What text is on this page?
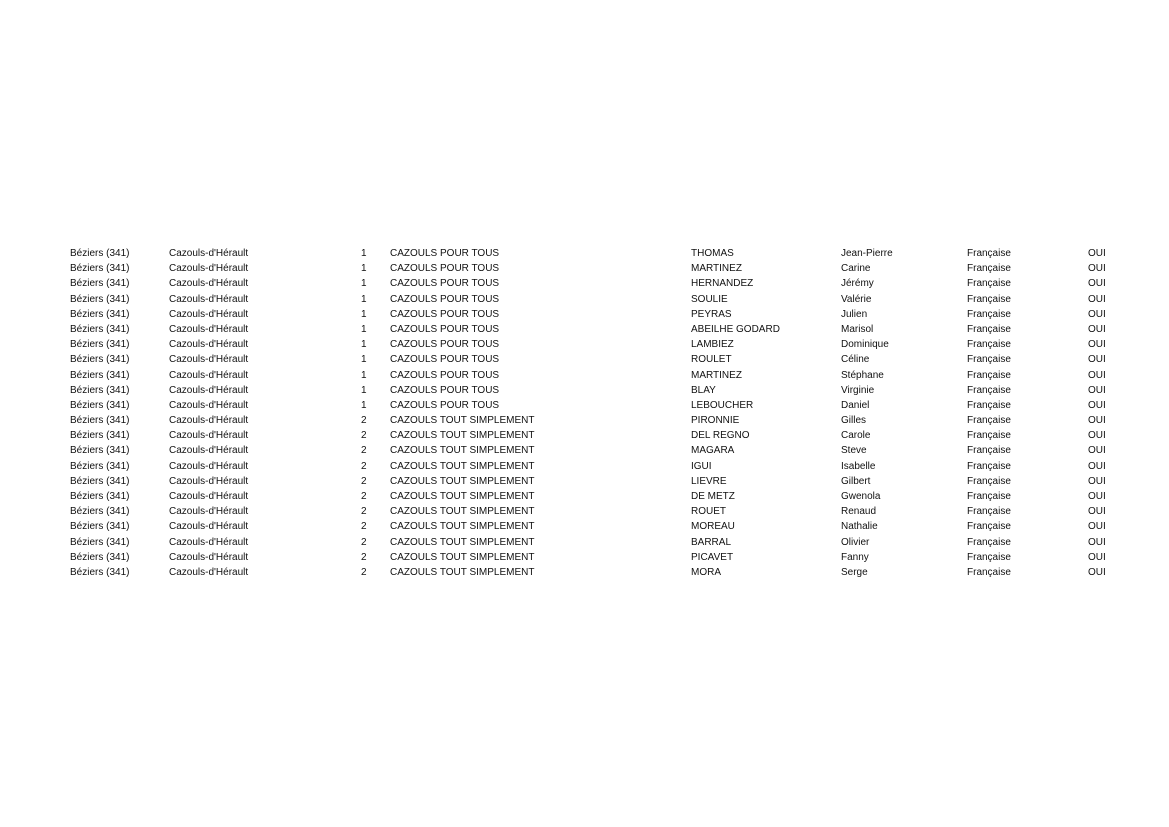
Béziers (341)	Cazouls-d'Hérault	1 CAZOULS POUR TOUS	THOMAS	Jean-Pierre	Française	OUI
Béziers (341)	Cazouls-d'Hérault	1 CAZOULS POUR TOUS	MARTINEZ	Carine	Française	OUI
Béziers (341)	Cazouls-d'Hérault	1 CAZOULS POUR TOUS	HERNANDEZ	Jérémy	Française	OUI
Béziers (341)	Cazouls-d'Hérault	1 CAZOULS POUR TOUS	SOULIE	Valérie	Française	OUI
Béziers (341)	Cazouls-d'Hérault	1 CAZOULS POUR TOUS	PEYRAS	Julien	Française	OUI
Béziers (341)	Cazouls-d'Hérault	1 CAZOULS POUR TOUS	ABEILHE GODARD	Marisol	Française	OUI
Béziers (341)	Cazouls-d'Hérault	1 CAZOULS POUR TOUS	LAMBIEZ	Dominique	Française	OUI
Béziers (341)	Cazouls-d'Hérault	1 CAZOULS POUR TOUS	ROULET	Céline	Française	OUI
Béziers (341)	Cazouls-d'Hérault	1 CAZOULS POUR TOUS	MARTINEZ	Stéphane	Française	OUI
Béziers (341)	Cazouls-d'Hérault	1 CAZOULS POUR TOUS	BLAY	Virginie	Française	OUI
Béziers (341)	Cazouls-d'Hérault	1 CAZOULS POUR TOUS	LEBOUCHER	Daniel	Française	OUI
Béziers (341)	Cazouls-d'Hérault	2 CAZOULS TOUT SIMPLEMENT	PIRONNIE	Gilles	Française	OUI
Béziers (341)	Cazouls-d'Hérault	2 CAZOULS TOUT SIMPLEMENT	DEL REGNO	Carole	Française	OUI
Béziers (341)	Cazouls-d'Hérault	2 CAZOULS TOUT SIMPLEMENT	MAGARA	Steve	Française	OUI
Béziers (341)	Cazouls-d'Hérault	2 CAZOULS TOUT SIMPLEMENT	IGUI	Isabelle	Française	OUI
Béziers (341)	Cazouls-d'Hérault	2 CAZOULS TOUT SIMPLEMENT	LIEVRE	Gilbert	Française	OUI
Béziers (341)	Cazouls-d'Hérault	2 CAZOULS TOUT SIMPLEMENT	DE METZ	Gwenola	Française	OUI
Béziers (341)	Cazouls-d'Hérault	2 CAZOULS TOUT SIMPLEMENT	ROUET	Renaud	Française	OUI
Béziers (341)	Cazouls-d'Hérault	2 CAZOULS TOUT SIMPLEMENT	MOREAU	Nathalie	Française	OUI
Béziers (341)	Cazouls-d'Hérault	2 CAZOULS TOUT SIMPLEMENT	BARRAL	Olivier	Française	OUI
Béziers (341)	Cazouls-d'Hérault	2 CAZOULS TOUT SIMPLEMENT	PICAVET	Fanny	Française	OUI
Béziers (341)	Cazouls-d'Hérault	2 CAZOULS TOUT SIMPLEMENT	MORA	Serge	Française	OUI
